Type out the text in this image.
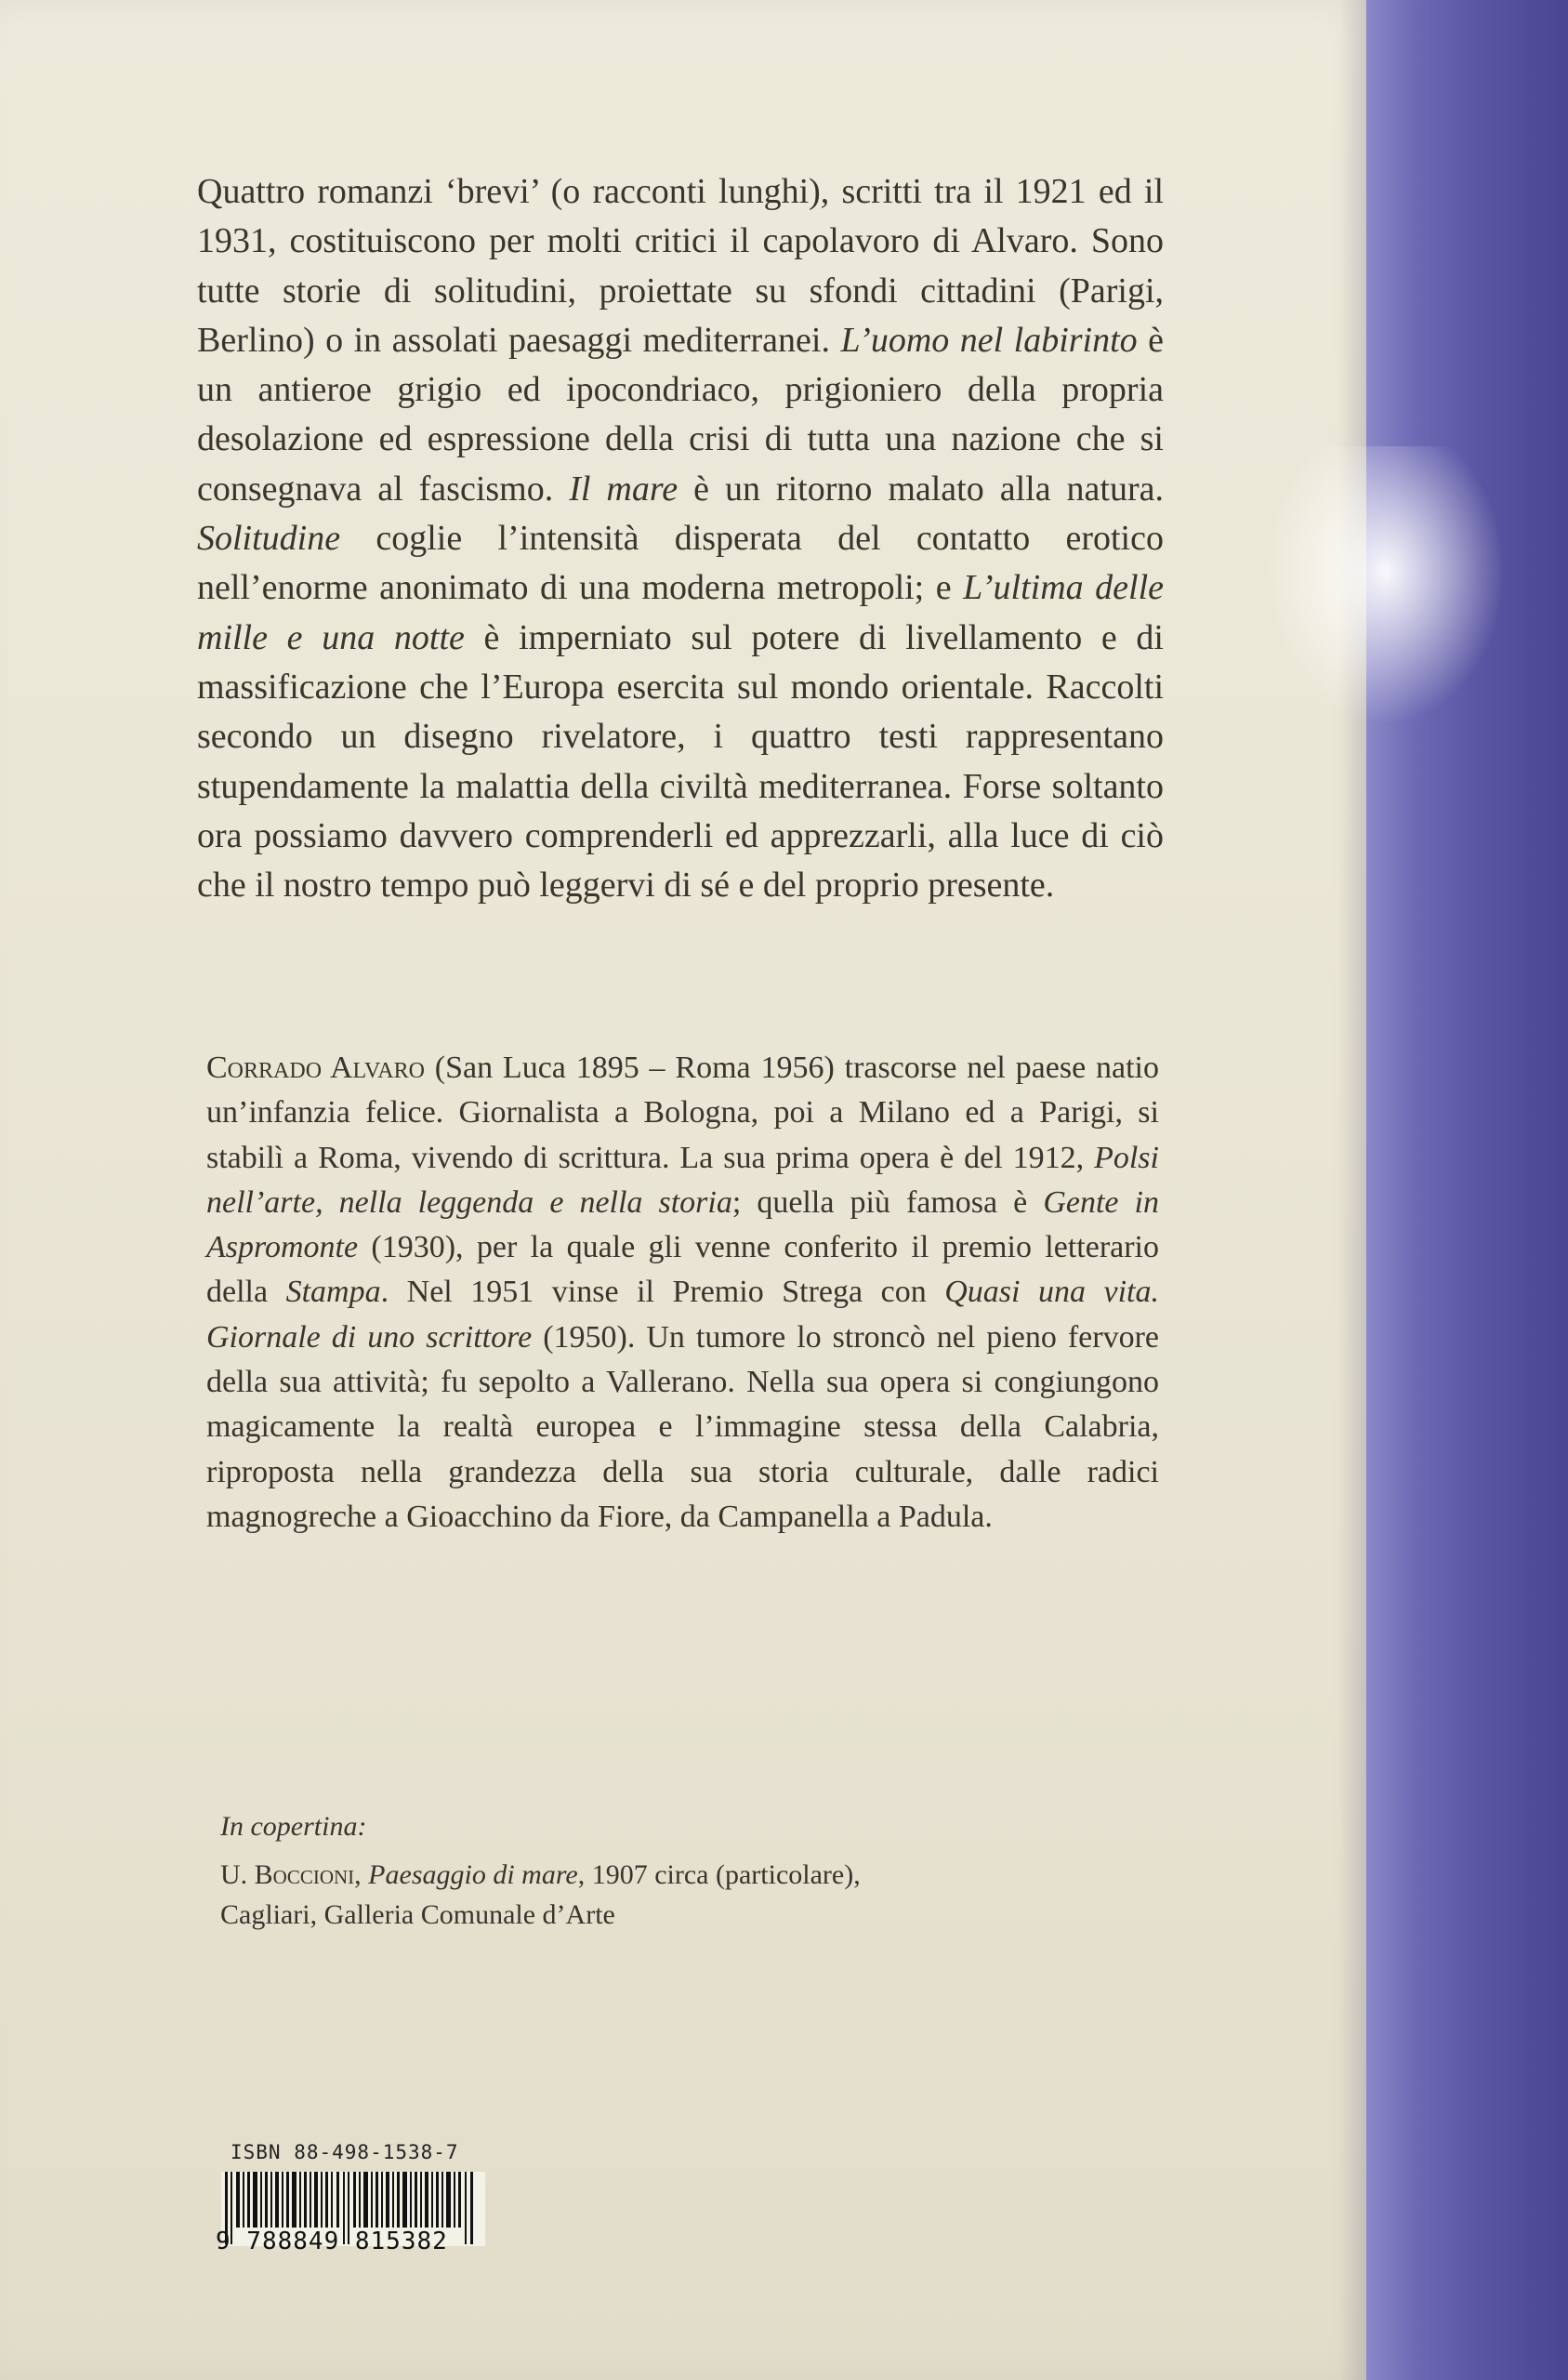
Quattro romanzi ‘brevi’ (o racconti lunghi), scritti tra il 1921 ed il 1931, costituiscono per molti critici il capolavoro di Alvaro. Sono tutte storie di solitudini, proiettate su sfondi cittadini (Parigi, Berlino) o in assolati paesaggi mediterranei. L’uomo nel labirinto è un antieroe grigio ed ipocondriaco, prigioniero della propria desolazione ed espressione della crisi di tutta una nazione che si consegnava al fascismo. Il mare è un ritorno malato alla natura. Solitudine coglie l’intensità disperata del contatto erotico nell’enorme anonimato di una moderna metropoli; e L’ultima delle mille e una notte è imperniato sul potere di livellamento e di massificazione che l’Europa esercita sul mondo orientale. Raccolti secondo un disegno rivelatore, i quattro testi rappresentano stupendamente la malattia della civiltà mediterranea. Forse soltanto ora possiamo davvero comprenderli ed apprezzarli, alla luce di ciò che il nostro tempo può leggervi di sé e del proprio presente.

Corrado Alvaro (San Luca 1895 – Roma 1956) trascorse nel paese natio un’infanzia felice. Giornalista a Bologna, poi a Milano ed a Parigi, si stabilì a Roma, vivendo di scrittura. La sua prima opera è del 1912, Polsi nell’arte, nella leggenda e nella storia; quella più famosa è Gente in Aspromonte (1930), per la quale gli venne conferito il premio letterario della Stampa. Nel 1951 vinse il Premio Strega con Quasi una vita. Giornale di uno scrittore (1950). Un tumore lo stroncò nel pieno fervore della sua attività; fu sepolto a Vallerano. Nella sua opera si congiungono magicamente la realtà europea e l’immagine stessa della Calabria, riproposta nella grandezza della sua storia culturale, dalle radici magnogreche a Gioacchino da Fiore, da Campanella a Padula.

In copertina:

U. Boccioni, Paesaggio di mare, 1907 circa (particolare),
Cagliari, Galleria Comunale d’Arte

ISBN 88-498-1538-7
9 788849 815382
